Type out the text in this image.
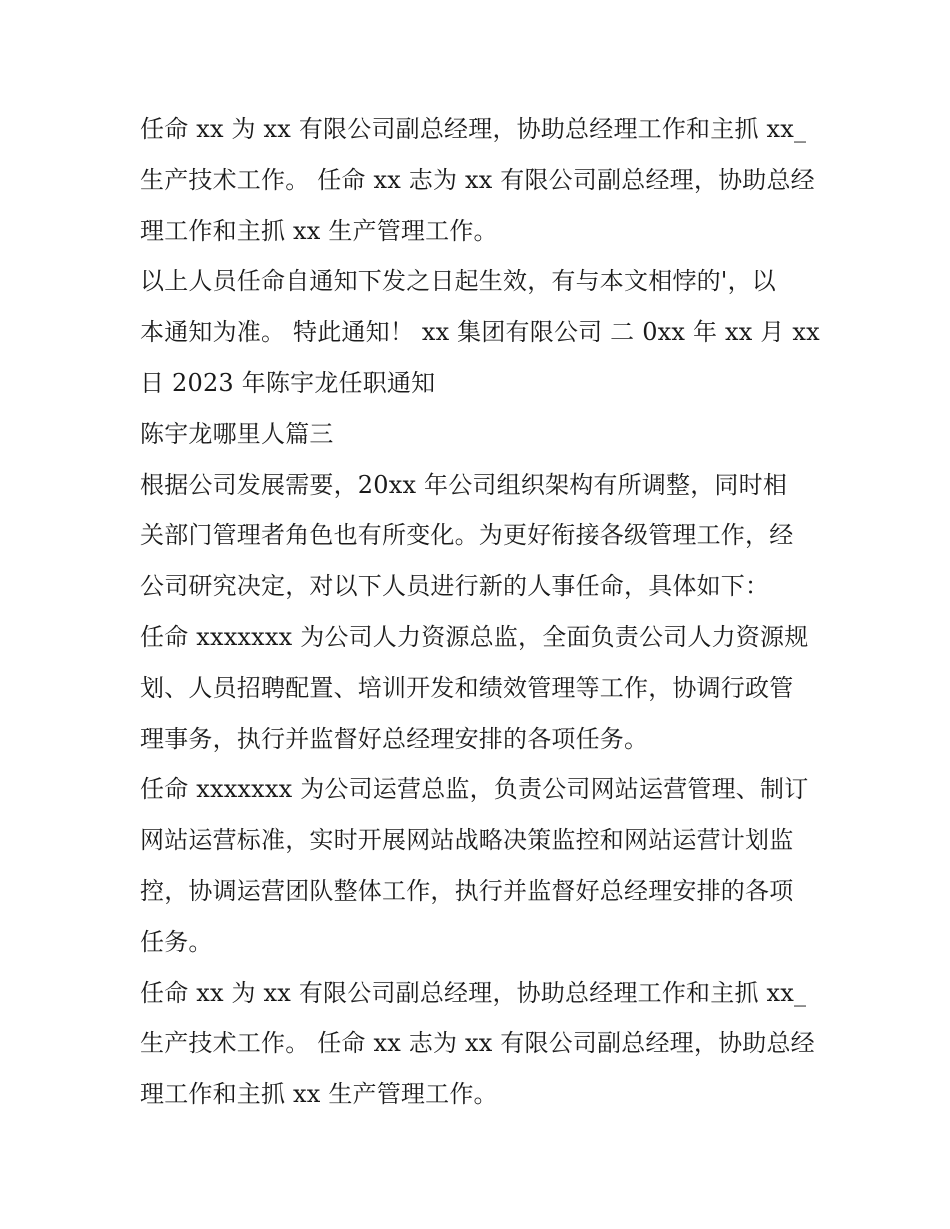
任命 xx 为 xx 有限公司副总经理，协助总经理工作和主抓 xx_
生产技术工作。 任命 xx 志为 xx 有限公司副总经理，协助总经
理工作和主抓 xx 生产管理工作。
以上人员任命自通知下发之日起生效，有与本文相悖的'，以
本通知为准。 特此通知！ xx 集团有限公司 二 0xx 年 xx 月 xx
日 2023 年陈宇龙任职通知
陈宇龙哪里人篇三
根据公司发展需要，20xx 年公司组织架构有所调整，同时相
关部门管理者角色也有所变化。为更好衔接各级管理工作，经
公司研究决定，对以下人员进行新的人事任命，具体如下：
任命 xxxxxxx 为公司人力资源总监，全面负责公司人力资源规
划、人员招聘配置、培训开发和绩效管理等工作，协调行政管
理事务，执行并监督好总经理安排的各项任务。
任命 xxxxxxx 为公司运营总监，负责公司网站运营管理、制订
网站运营标准，实时开展网站战略决策监控和网站运营计划监
控，协调运营团队整体工作，执行并监督好总经理安排的各项
任务。
任命 xx 为 xx 有限公司副总经理，协助总经理工作和主抓 xx_
生产技术工作。 任命 xx 志为 xx 有限公司副总经理，协助总经
理工作和主抓 xx 生产管理工作。
